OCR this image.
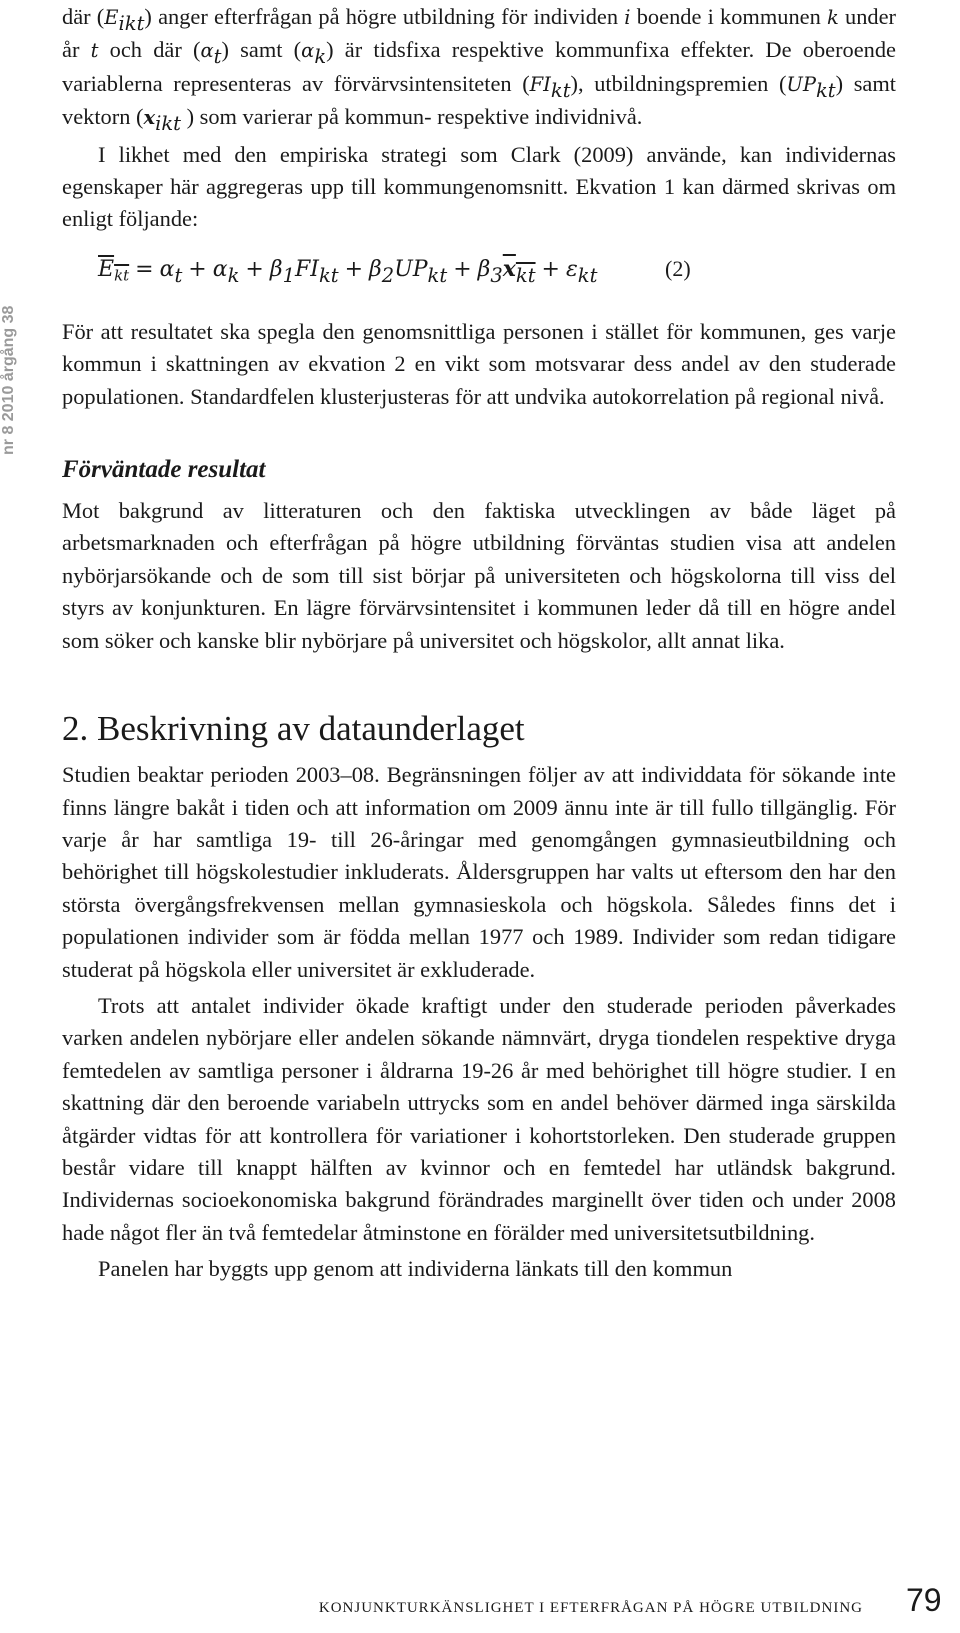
nr 8 2010 årgång 38

där $(E_{ikt})$ anger efterfrågan på högre utbildning för individen i boende i kommunen k under år t och där $(\alpha_t)$ samt $(\alpha_k)$ är tidsfixa respektive kommunfixa effekter. De oberoende variablerna representeras av förvärvsintensiteten $(FI_{kt})$, utbildningspremien $(UP_{kt})$ samt vektorn ($x_{ikt}$ ) som varierar på kommun- respektive individnivå.

I likhet med den empiriska strategi som Clark (2009) använde, kan individernas egenskaper här aggregeras upp till kommungenomsnitt. Ekvation 1 kan därmed skrivas om enligt följande:

$E_{kt} = \alpha_t + \alpha_k + \beta_1FI_{kt} + \beta_2UP_{kt} + \beta_3x_{kt} + \varepsilon_{kt}$	(2)

För att resultatet ska spegla den genomsnittliga personen i stället för kommunen, ges varje kommun i skattningen av ekvation 2 en vikt som motsvarar dess andel av den studerade populationen. Standardfelen klusterjusteras för att undvika autokorrelation på regional nivå.

Förväntade resultat

Mot bakgrund av litteraturen och den faktiska utvecklingen av både läget på arbetsmarknaden och efterfrågan på högre utbildning förväntas studien visa att andelen nybörjarsökande och de som till sist börjar på universiteten och högskolorna till viss del styrs av konjunkturen. En lägre förvärvsintensitet i kommunen leder då till en högre andel som söker och kanske blir nybörjare på universitet och högskolor, allt annat lika.

2. Beskrivning av dataunderlaget

Studien beaktar perioden 2003–08. Begränsningen följer av att individdata för sökande inte finns längre bakåt i tiden och att information om 2009 ännu inte är till fullo tillgänglig. För varje år har samtliga 19- till 26-åringar med genomgången gymnasieutbildning och behörighet till högskolestudier inkluderats. Åldersgruppen har valts ut eftersom den har den största övergångsfrekvensen mellan gymnasieskola och högskola. Således finns det i populationen individer som är födda mellan 1977 och 1989. Individer som redan tidigare studerat på högskola eller universitet är exkluderade.

Trots att antalet individer ökade kraftigt under den studerade perioden påverkades varken andelen nybörjare eller andelen sökande nämnvärt, dryga tiondelen respektive dryga femtedelen av samtliga personer i åldrarna 19-26 år med behörighet till högre studier. I en skattning där den beroende variabeln uttrycks som en andel behöver därmed inga särskilda åtgärder vidtas för att kontrollera för variationer i kohortstorleken. Den studerade gruppen består vidare till knappt hälften av kvinnor och en femtedel har utländsk bakgrund. Individernas socioekonomiska bakgrund förändrades marginellt över tiden och under 2008 hade något fler än två femtedelar åtminstone en förälder med universitetsutbildning.

Panelen har byggts upp genom att individerna länkats till den kommun

KONJUNKTURKÄNSLIGHET I EFTERFRÅGAN PÅ HÖGRE UTBILDNING 79
